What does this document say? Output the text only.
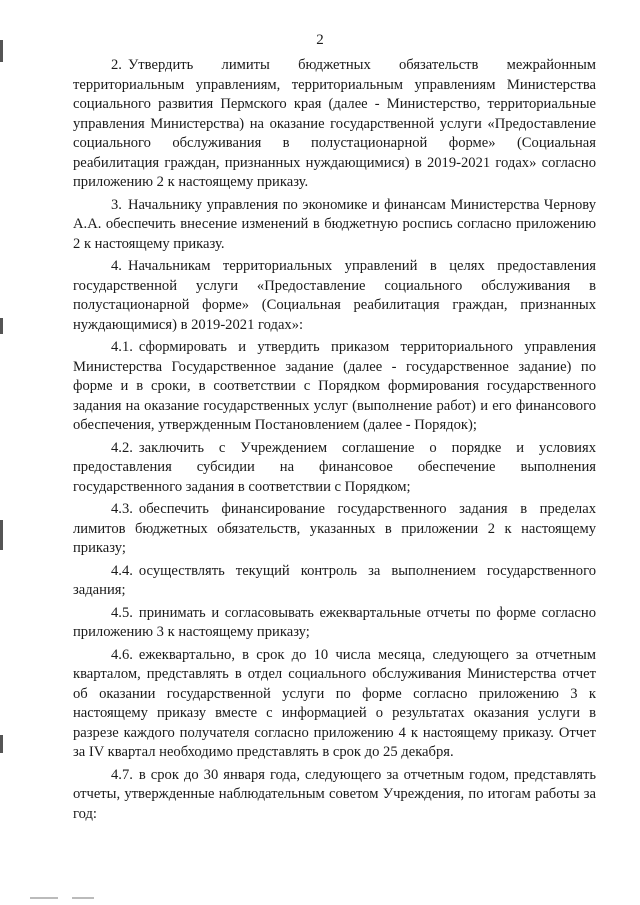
2

2. Утвердить лимиты бюджетных обязательств межрайонным территориальным управлениям, территориальным управлениям Министерства социального развития Пермского края (далее - Министерство, территориальные управления Министерства) на оказание государственной услуги «Предоставление социального обслуживания в полустационарной форме» (Социальная реабилитация граждан, признанных нуждающимися) в 2019-2021 годах» согласно приложению 2 к настоящему приказу.

3. Начальнику управления по экономике и финансам Министерства Чернову А.А. обеспечить внесение изменений в бюджетную роспись согласно приложению 2 к настоящему приказу.

4. Начальникам территориальных управлений в целях предоставления государственной услуги «Предоставление социального обслуживания в полустационарной форме» (Социальная реабилитация граждан, признанных нуждающимися) в 2019-2021 годах»:

4.1. сформировать и утвердить приказом территориального управления Министерства Государственное задание (далее - государственное задание) по форме и в сроки, в соответствии с Порядком формирования государственного задания на оказание государственных услуг (выполнение работ) и его финансового обеспечения, утвержденным Постановлением (далее - Порядок);

4.2. заключить с Учреждением соглашение о порядке и условиях предоставления субсидии на финансовое обеспечение выполнения государственного задания в соответствии с Порядком;

4.3. обеспечить финансирование государственного задания в пределах лимитов бюджетных обязательств, указанных в приложении 2 к настоящему приказу;

4.4. осуществлять текущий контроль за выполнением государственного задания;

4.5. принимать и согласовывать ежеквартальные отчеты по форме согласно приложению 3 к настоящему приказу;

4.6. ежеквартально, в срок до 10 числа месяца, следующего за отчетным кварталом, представлять в отдел социального обслуживания Министерства отчет об оказании государственной услуги по форме согласно приложению 3 к настоящему приказу вместе с информацией о результатах оказания услуги в разрезе каждого получателя согласно приложению 4 к настоящему приказу. Отчет за IV квартал необходимо представлять в срок до 25 декабря.

4.7. в срок до 30 января года, следующего за отчетным годом, представлять отчеты, утвержденные наблюдательным советом Учреждения, по итогам работы за год:
